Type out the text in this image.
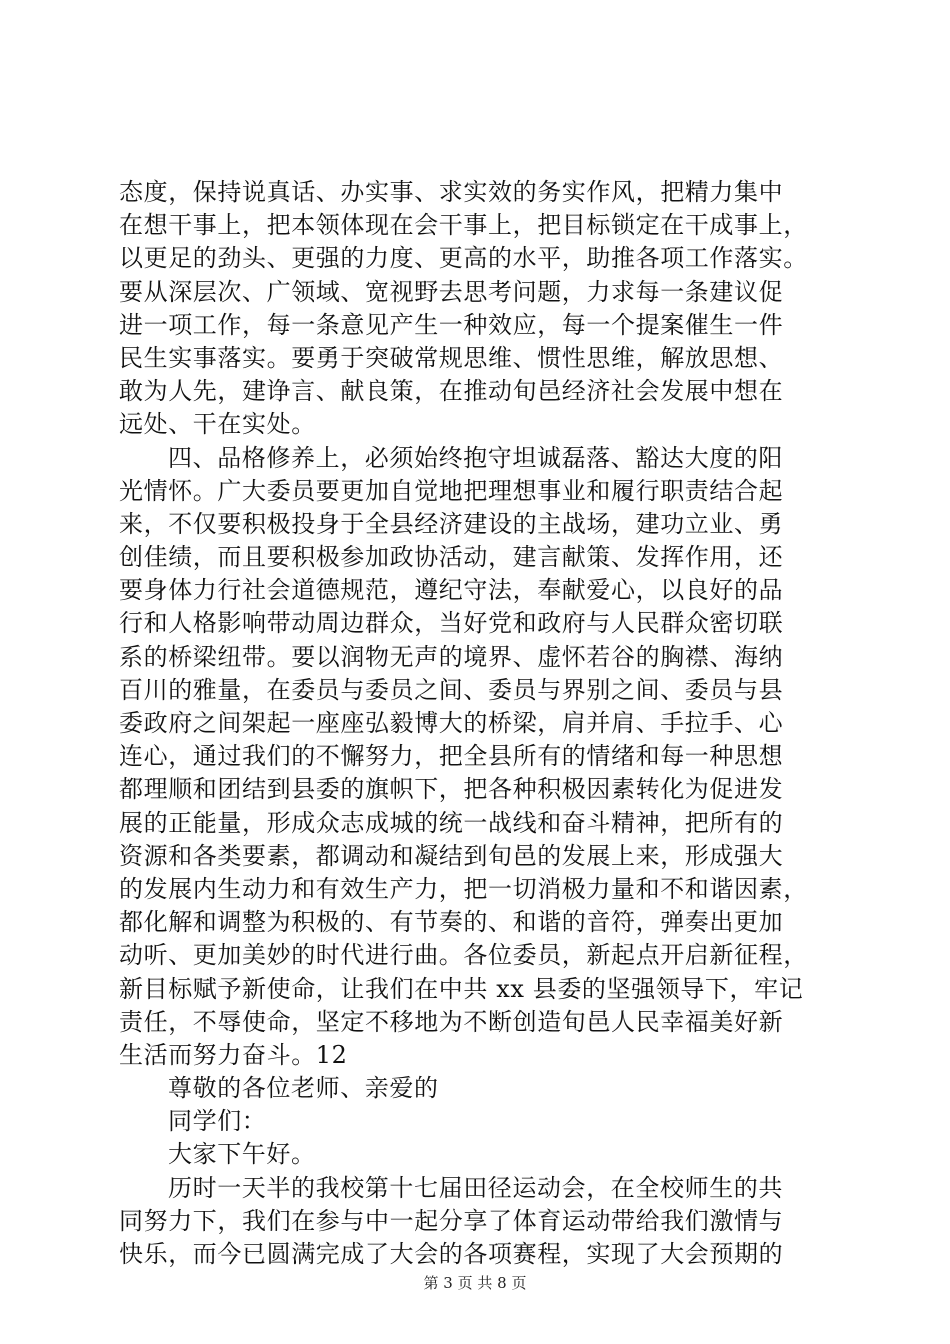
态度，保持说真话、办实事、求实效的务实作风，把精力集中
在想干事上，把本领体现在会干事上，把目标锁定在干成事上，
以更足的劲头、更强的力度、更高的水平，助推各项工作落实。
要从深层次、广领域、宽视野去思考问题，力求每一条建议促
进一项工作，每一条意见产生一种效应，每一个提案催生一件
民生实事落实。要勇于突破常规思维、惯性思维，解放思想、
敢为人先，建诤言、献良策，在推动旬邑经济社会发展中想在
远处、干在实处。
四、品格修养上，必须始终抱守坦诚磊落、豁达大度的阳
光情怀。广大委员要更加自觉地把理想事业和履行职责结合起
来，不仅要积极投身于全县经济建设的主战场，建功立业、勇
创佳绩，而且要积极参加政协活动，建言献策、发挥作用，还
要身体力行社会道德规范，遵纪守法，奉献爱心，以良好的品
行和人格影响带动周边群众，当好党和政府与人民群众密切联
系的桥梁纽带。要以润物无声的境界、虚怀若谷的胸襟、海纳
百川的雅量，在委员与委员之间、委员与界别之间、委员与县
委政府之间架起一座座弘毅博大的桥梁，肩并肩、手拉手、心
连心，通过我们的不懈努力，把全县所有的情绪和每一种思想
都理顺和团结到县委的旗帜下，把各种积极因素转化为促进发
展的正能量，形成众志成城的统一战线和奋斗精神，把所有的
资源和各类要素，都调动和凝结到旬邑的发展上来，形成强大
的发展内生动力和有效生产力，把一切消极力量和不和谐因素，
都化解和调整为积极的、有节奏的、和谐的音符，弹奏出更加
动听、更加美妙的时代进行曲。各位委员，新起点开启新征程，
新目标赋予新使命，让我们在中共 xx 县委的坚强领导下，牢记
责任，不辱使命，坚定不移地为不断创造旬邑人民幸福美好新
生活而努力奋斗。12
尊敬的各位老师、亲爱的
同学们：
大家下午好。
历时一天半的我校第十七届田径运动会，在全校师生的共
同努力下，我们在参与中一起分享了体育运动带给我们激情与
快乐，而今已圆满完成了大会的各项赛程，实现了大会预期的
第 3 页 共 8 页
